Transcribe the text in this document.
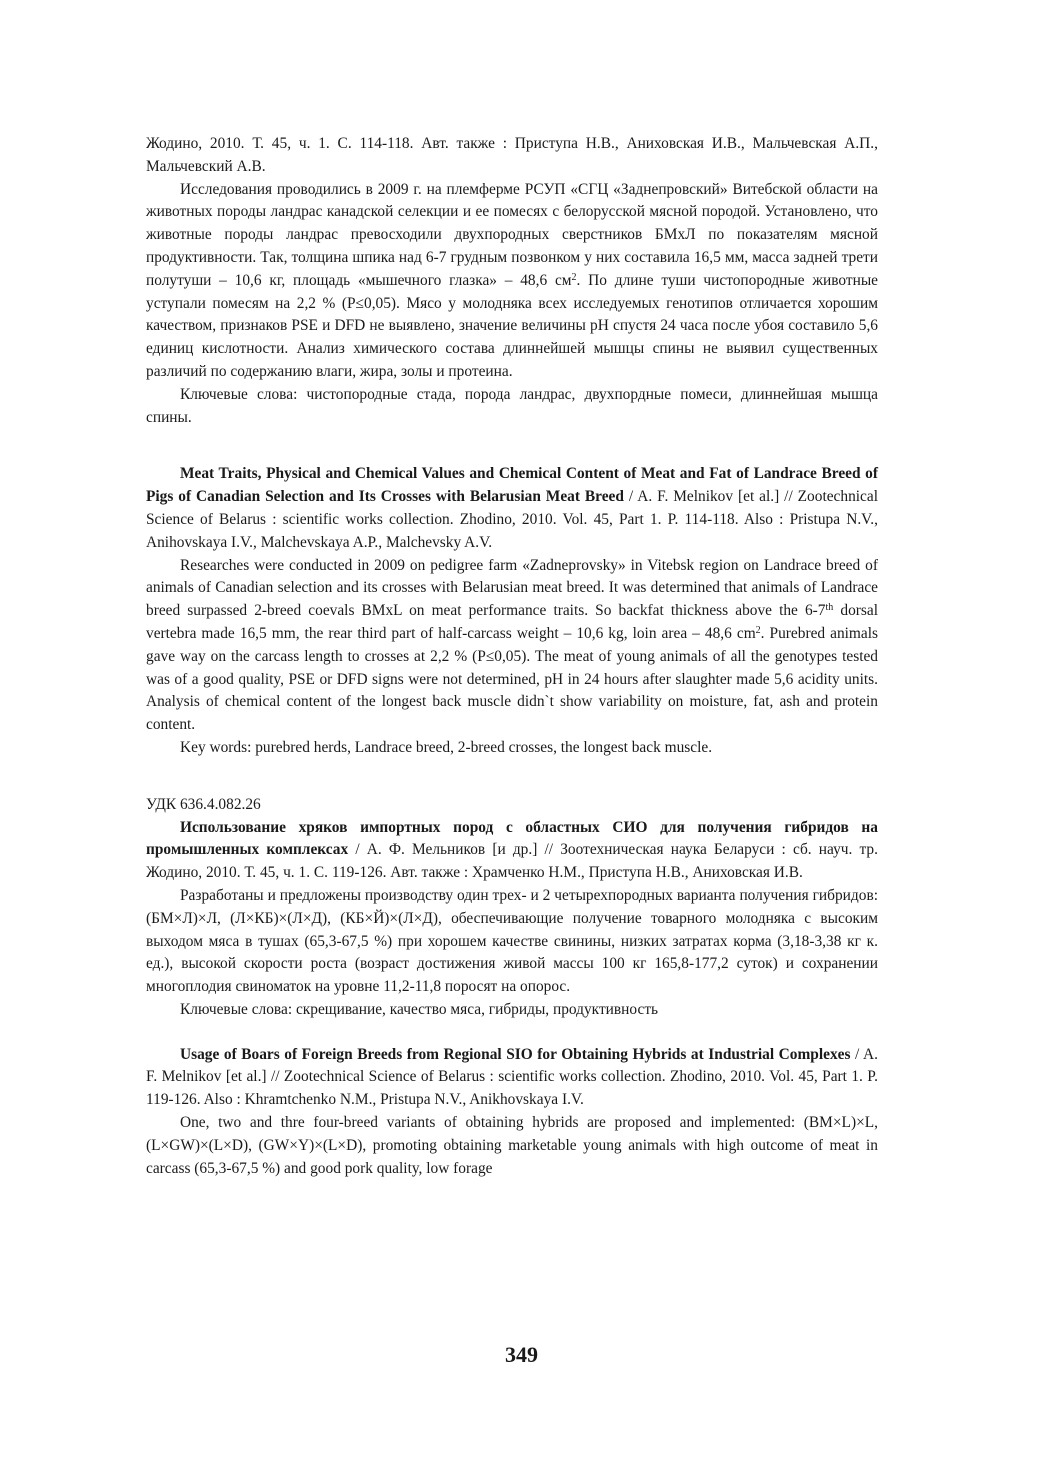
Жодино, 2010. Т. 45, ч. 1. С. 114-118. Авт. также : Приступа Н.В., Аниховская И.В., Мальчевская А.П., Мальчевский А.В.

Исследования проводились в 2009 г. на племферме РСУП «СГЦ «Заднепровский» Витебской области на животных породы ландрас канадской селекции и ее помесях с белорусской мясной породой. Установлено, что животные породы ландрас превосходили двухпородных сверстников БМхЛ по показателям мясной продуктивности. Так, толщина шпика над 6-7 грудным позвонком у них составила 16,5 мм, масса задней трети полутуши – 10,6 кг, площадь «мышечного глазка» – 48,6 $см^2$. По длине туши чистопородные животные уступали помесям на 2,2 % (Р≤0,05). Мясо у молодняка всех исследуемых генотипов отличается хорошим качеством, признаков PSE и DFD не выявлено, значение величины pH спустя 24 часа после убоя составило 5,6 единиц кислотности. Анализ химического состава длиннейшей мышцы спины не выявил существенных различий по содержанию влаги, жира, золы и протеина.

Ключевые слова: чистопородные стада, порода ландрас, двухпордные помеси, длиннейшая мышца спины.

Meat Traits, Physical and Chemical Values and Chemical Content of Meat and Fat of Landrace Breed of Pigs of Canadian Selection and Its Crosses with Belarusian Meat Breed / A. F. Melnikov [et al.] // Zootechnical Science of Belarus : scientific works collection. Zhodino, 2010. Vol. 45, Part 1. P. 114-118. Also : Pristupa N.V., Anihovskaya I.V., Malchevskaya A.P., Malchevsky A.V.

Researches were conducted in 2009 on pedigree farm «Zadneprovsky» in Vitebsk region on Landrace breed of animals of Canadian selection and its crosses with Belarusian meat breed. It was determined that animals of Landrace breed surpassed 2-breed coevals BMxL on meat performance traits. So backfat thickness above the 6-7th dorsal vertebra made 16,5 mm, the rear third part of half-carcass weight – 10,6 kg, loin area – 48,6 $cm^2$. Purebred animals gave way on the carcass length to crosses at 2,2 % (P≤0,05). The meat of young animals of all the genotypes tested was of a good quality, PSE or DFD signs were not determined, pH in 24 hours after slaughter made 5,6 acidity units. Analysis of chemical content of the longest back muscle didn`t show variability on moisture, fat, ash and protein content.

Key words: purebred herds, Landrace breed, 2-breed crosses, the longest back muscle.

УДК 636.4.082.26

Использование хряков импортных пород с областных СИО для получения гибридов на промышленных комплексах / А. Ф. Мельников [и др.] // Зоотехническая наука Беларуси : сб. науч. тр. Жодино, 2010. Т. 45, ч. 1. С. 119-126. Авт. также : Храмченко Н.М., Приступа Н.В., Аниховская И.В.

Разработаны и предложены производству один трех- и 2 четырехпородных варианта получения гибридов: (БМ×Л)×Л, (Л×КБ)×(Л×Д), (КБ×Й)×(Л×Д), обеспечивающие получение товарного молодняка с высоким выходом мяса в тушах (65,3-67,5 %) при хорошем качестве свинины, низких затратах корма (3,18-3,38 кг к. ед.), высокой скорости роста (возраст достижения живой массы 100 кг 165,8-177,2 суток) и сохранении многоплодия свиноматок на уровне 11,2-11,8 поросят на опорос.

Ключевые слова: скрещивание, качество мяса, гибриды, продуктивность

Usage of Boars of Foreign Breeds from Regional SIO for Obtaining Hybrids at Industrial Complexes / A. F. Melnikov [et al.] // Zootechnical Science of Belarus : scientific works collection. Zhodino, 2010. Vol. 45, Part 1. P. 119-126. Also : Khramtchenko N.M., Pristupa N.V., Anikhovskaya I.V.

One, two and thre four-breed variants of obtaining hybrids are proposed and implemented: (BM×L)×L, (L×GW)×(L×D), (GW×Y)×(L×D), promoting obtaining marketable young animals with high outcome of meat in carcass (65,3-67,5 %) and good pork quality, low forage

349
